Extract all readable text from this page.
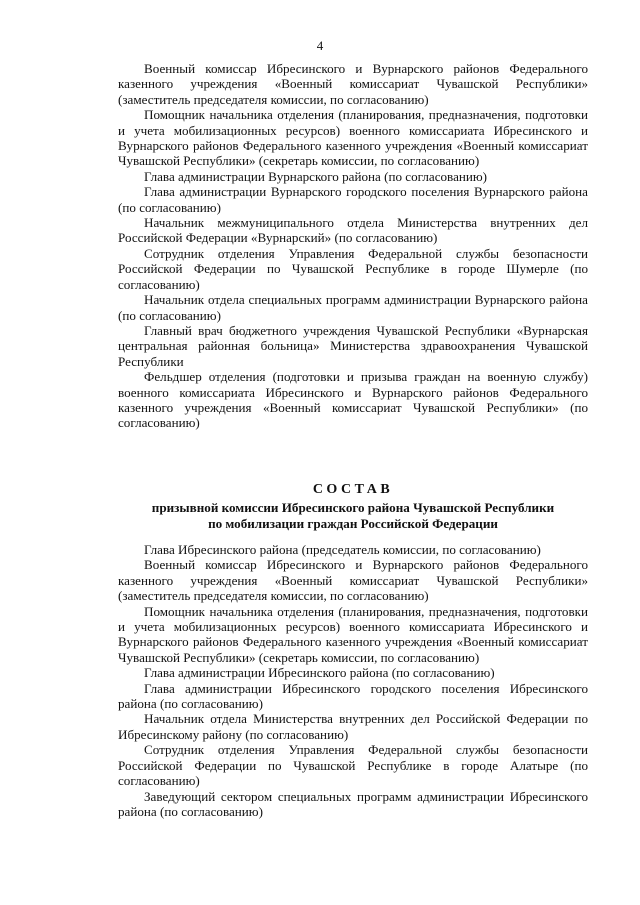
4

Военный комиссар Ибресинского и Вурнарского районов Федерального казенного учреждения «Военный комиссариат Чувашской Республики» (заместитель председателя комиссии, по согласованию)

Помощник начальника отделения (планирования, предназначения, подготовки и учета мобилизационных ресурсов) военного комиссариата Ибресинского и Вурнарского районов Федерального казенного учреждения «Военный комиссариат Чувашской Республики» (секретарь комиссии, по согласованию)

Глава администрации Вурнарского района (по согласованию)

Глава администрации Вурнарского городского поселения Вурнарского района (по согласованию)

Начальник межмуниципального отдела Министерства внутренних дел Российской Федерации «Вурнарский» (по согласованию)

Сотрудник отделения Управления Федеральной службы безопасности Российской Федерации по Чувашской Республике в городе Шумерле (по согласованию)

Начальник отдела специальных программ администрации Вурнарского района (по согласованию)

Главный врач бюджетного учреждения Чувашской Республики «Вурнарская центральная районная больница» Министерства здравоохранения Чувашской Республики

Фельдшер отделения (подготовки и призыва граждан на военную службу) военного комиссариата Ибресинского и Вурнарского районов Федерального казенного учреждения «Военный комиссариат Чувашской Республики» (по согласованию)

СОСТАВ
призывной комиссии Ибресинского района Чувашской Республики
по мобилизации граждан Российской Федерации

Глава Ибресинского района (председатель комиссии, по согласованию)

Военный комиссар Ибресинского и Вурнарского районов Федерального казенного учреждения «Военный комиссариат Чувашской Республики» (заместитель председателя комиссии, по согласованию)

Помощник начальника отделения (планирования, предназначения, подготовки и учета мобилизационных ресурсов) военного комиссариата Ибресинского и Вурнарского районов Федерального казенного учреждения «Военный комиссариат Чувашской Республики» (секретарь комиссии, по согласованию)

Глава администрации Ибресинского района (по согласованию)

Глава администрации Ибресинского городского поселения Ибресинского района (по согласованию)

Начальник отдела Министерства внутренних дел Российской Федерации по Ибресинскому району (по согласованию)

Сотрудник отделения Управления Федеральной службы безопасности Российской Федерации по Чувашской Республике в городе Алатыре (по согласованию)

Заведующий сектором специальных программ администрации Ибресинского района (по согласованию)
